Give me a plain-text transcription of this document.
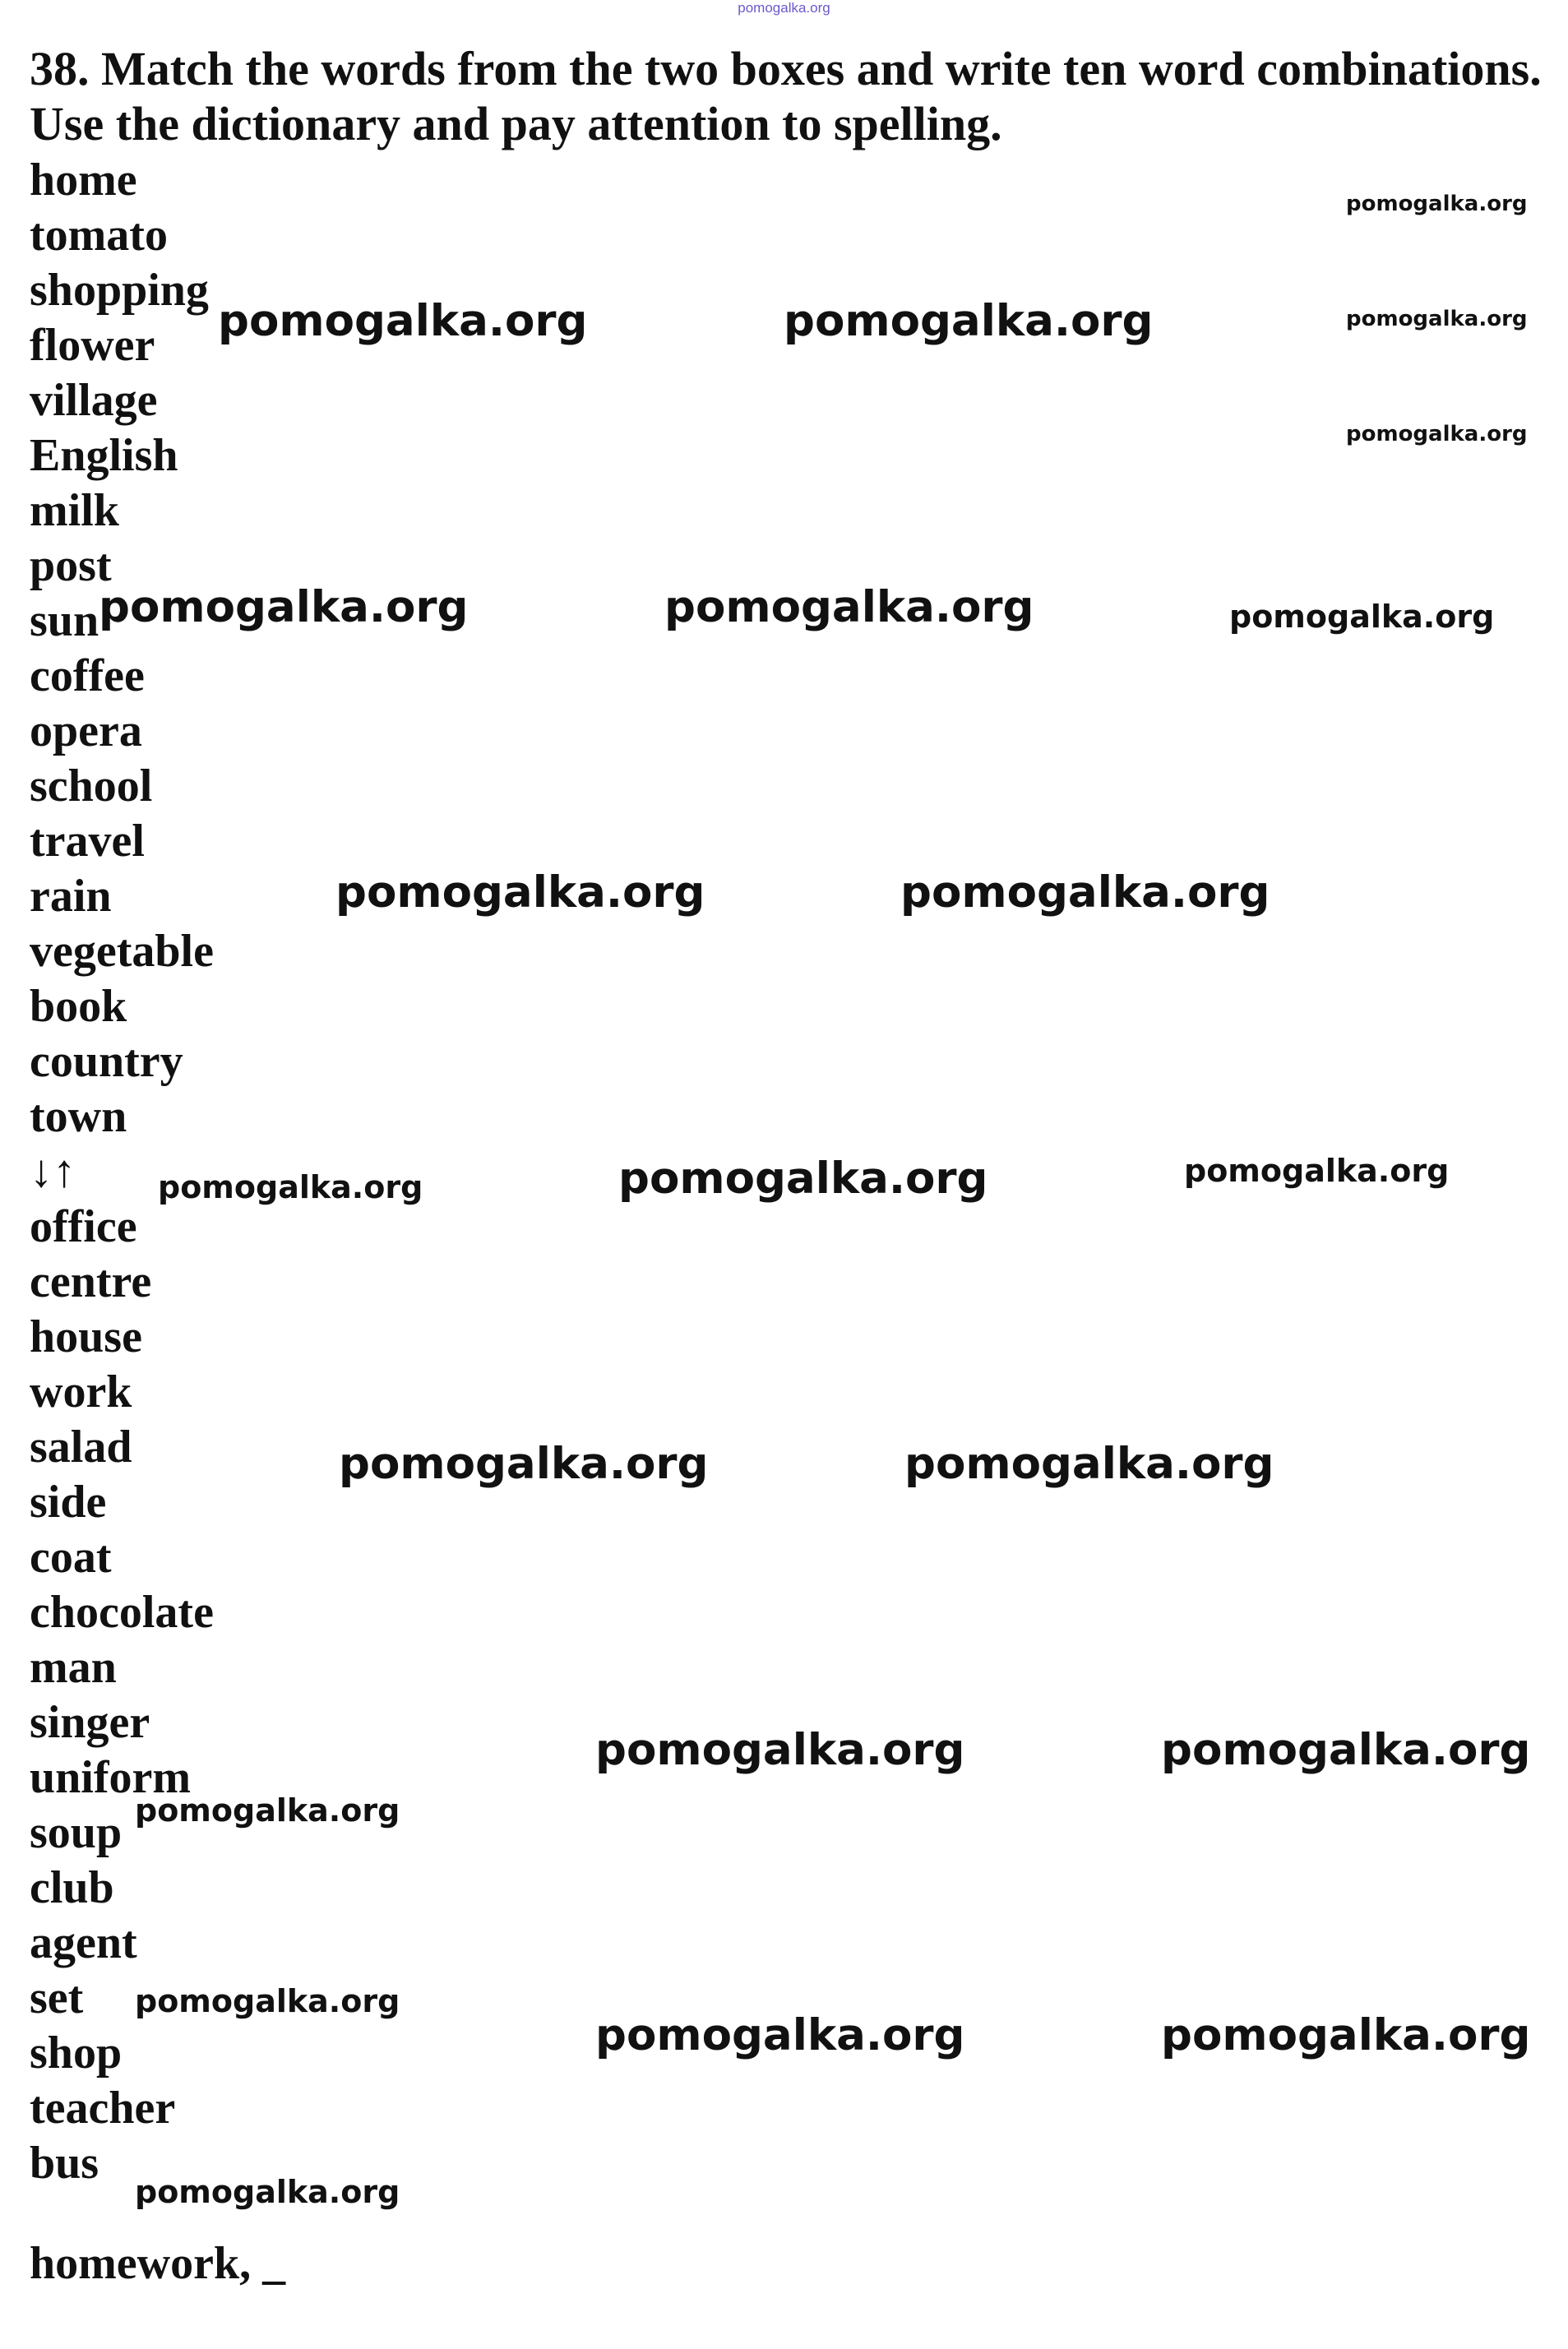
pomogalka.org
38. Match the words from the two boxes and write ten word combinations.
Use the dictionary and pay attention to spelling.
home
tomato
shopping
flower
village
English
milk
post
sun
coffee
opera
school
travel
rain
vegetable
book
country
town
↓↑
office
centre
house
work
salad
side
coat
chocolate
man
singer
uniform
soup
club
agent
set
shop
teacher
bus
homework, _
pomogalka.org
pomogalka.org	pomogalka.org	pomogalka.org
pomogalka.org
pomogalka.org	pomogalka.org	pomogalka.org
pomogalka.org	pomogalka.org
pomogalka.org	pomogalka.org	pomogalka.org
pomogalka.org	pomogalka.org
pomogalka.org	pomogalka.org
pomogalka.org
pomogalka.org
pomogalka.org	pomogalka.org
pomogalka.org
